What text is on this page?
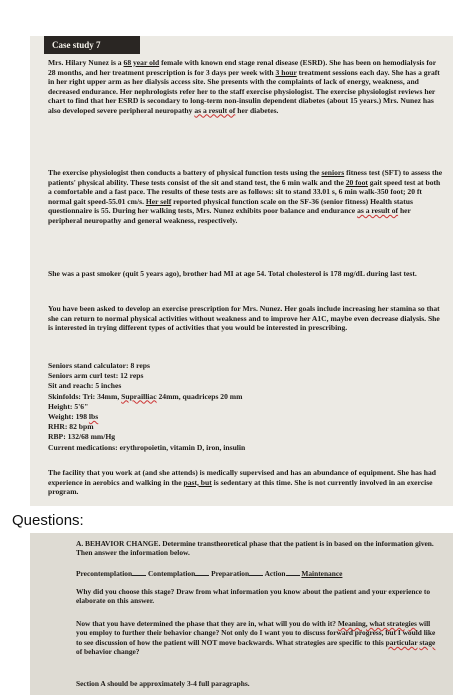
Case study 7

Mrs. Hilary Nunez is a 68 year old female with known end stage renal disease (ESRD). She has been on hemodialysis for 28 months, and her treatment prescription is for 3 days per week with 3 hour treatment sessions each day. She has a graft in her right upper arm as her dialysis access site. She presents with the complaints of lack of energy, weakness, and decreased endurance. Her nephrologists refer her to the staff exercise physiologist. The exercise physiologist reviews her chart to find that her ESRD is secondary to long-term non-insulin dependent diabetes (about 15 years.) Mrs. Nunez has also developed severe peripheral neuropathy as a result of her diabetes.

The exercise physiologist then conducts a battery of physical function tests using the seniors fitness test (SFT) to assess the patients' physical ability. These tests consist of the sit and stand test, the 6 min walk and the 20 foot gait speed test at both a comfortable and a fast pace. The results of these tests are as follows: sit to stand 33.01 s, 6 min walk-350 foot; 20 ft normal gait speed-55.01 cm/s. Her self reported physical function scale on the SF-36 (senior fitness) Health status questionnaire is 55. During her walking tests, Mrs. Nunez exhibits poor balance and endurance as a result of her peripheral neuropathy and general weakness, respectively.

She was a past smoker (quit 5 years ago), brother had MI at age 54. Total cholesterol is 178 mg/dL during last test.

You have been asked to develop an exercise prescription for Mrs. Nunez. Her goals include increasing her stamina so that she can return to normal physical activities without weakness and to improve her A1C, maybe even decrease dialysis. She is interested in trying different types of activities that you would be interested in prescribing.

Seniors stand calculator: 8 reps
Seniors arm curl test: 12 reps
Sit and reach: 5 inches
Skinfolds: Tri: 34mm, Suprailliac 24mm, quadriceps 20 mm
Height: 5'6"
Weight: 198 lbs
RHR: 82 bpm
RBP: 132/68 mm/Hg
Current medications: erythropoietin, vitamin D, iron, insulin

The facility that you work at (and she attends) is medically supervised and has an abundance of equipment. She has had experience in aerobics and walking in the past, but is sedentary at this time. She is not currently involved in an exercise program.

Questions:
A. BEHAVIOR CHANGE. Determine transtheoretical phase that the patient is in based on the information given. Then answer the information below.
Precontemplation Contemplation Preparation Action Maintenance
Why did you choose this stage? Draw from what information you know about the patient and your experience to elaborate on this answer.
Now that you have determined the phase that they are in, what will you do with it? Meaning, what strategies will you employ to further their behavior change? Not only do I want you to discuss forward progress, but I would like to see discussion of how the patient will NOT move backwards. What strategies are specific to this particular stage of behavior change?
Section A should be approximately 3-4 full paragraphs.
